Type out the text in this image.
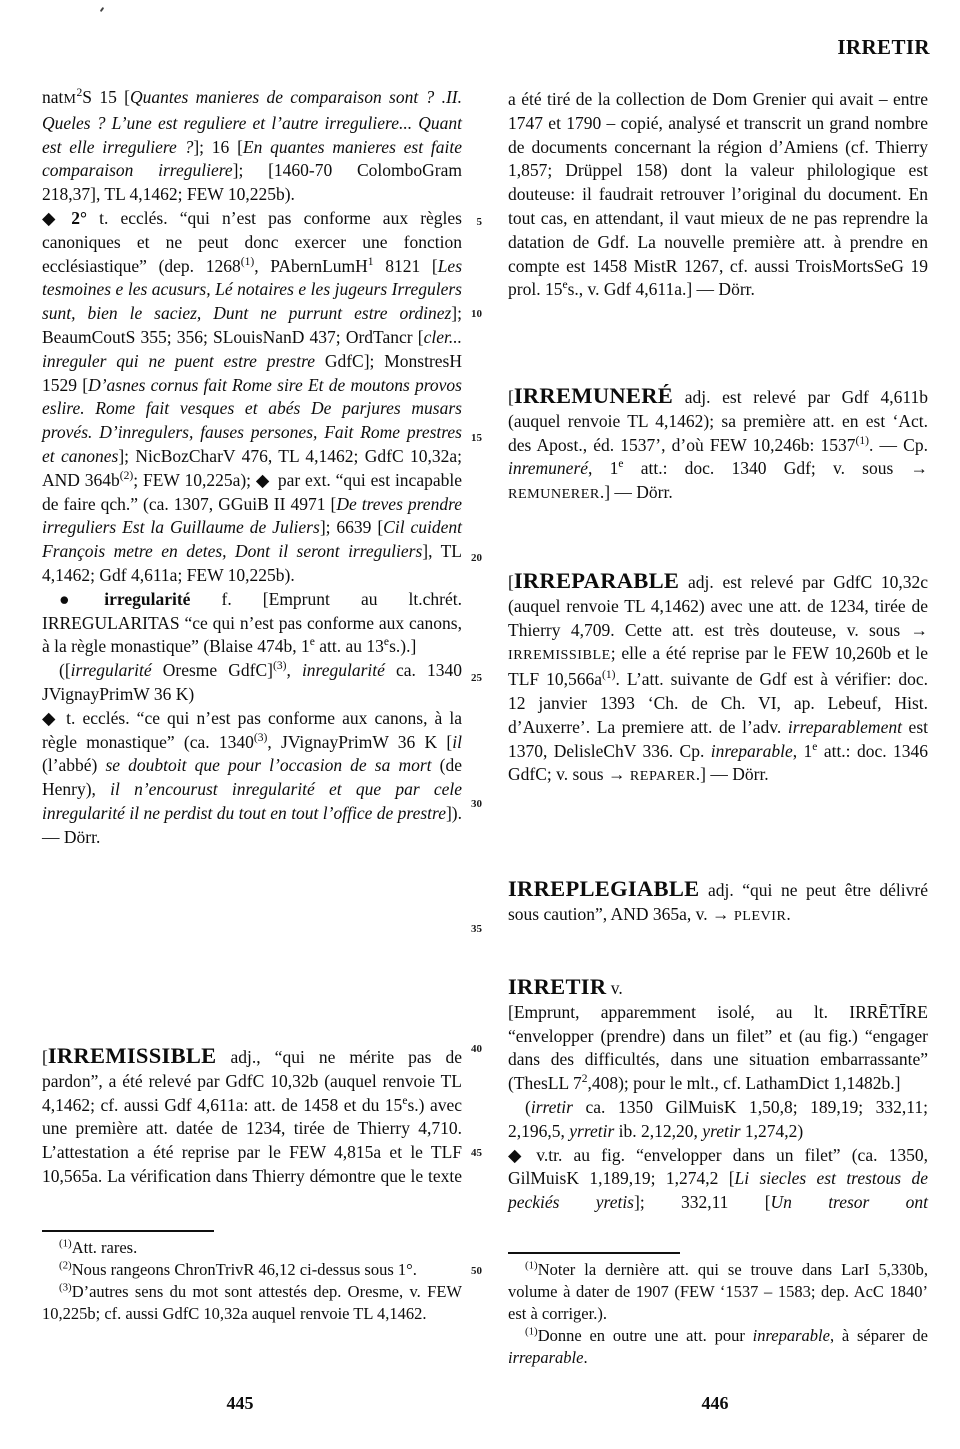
IRRETIR
5
10
15
20
25
30
35
40
45
50

natM$^2$S 15 [Quantes manieres de comparaison sont ? .II. Queles ? L’une est reguliere et l’autre irreguliere... Quant est elle irreguliere ?]; 16 [En quantes manieres est faite comparaison irreguliere]; [1460-70 ColomboGram 218,37], TL 4,1462; FEW 10,225b).

◆ 2° t. ecclés. “qui n’est pas conforme aux règles canoniques et ne peut donc exercer une fonction ecclésiastique” (dep. 1268$^{(1)}$, PAbernLumH$^1$ 8121 [Les tesmoines e les acusurs, Lé notaires e les jugeurs Irregulers sunt, bien le saciez, Dunt ne purrunt estre ordinez]; BeaumCoutS 355; 356; SLouisNanD 437; OrdTancr [cler... inreguler qui ne puent estre prestre GdfC]; MonstresH 1529 [D’asnes cornus fait Rome sire Et de moutons provos eslire. Rome fait vesques et abés De parjures musars provés. D’inregulers, fauses persones, Fait Rome prestres et canones]; NicBozCharV 476, TL 4,1462; GdfC 10,32a; AND $364b^{(2)}$; FEW 10,225a); ◆ par ext. “qui est incapable de faire qch.” (ca. 1307, GGuiB II 4971 [De treves prendre irreguliers Est la Guillaume de Juliers]; 6639 [Cil cuident François metre en detes, Dont il seront irreguliers], TL 4,1462; Gdf 4,611a; FEW 10,225b).

● irregularité f. [Emprunt au lt.chrét. IRREGULARITAS “ce qui n’est pas conforme aux canons, à la règle monastique” (Blaise 474b, 1e att. au 13es.).]

([irregularité Oresme GdfC]$^{(3)}$, inregularité ca. 1340 JVignayPrimW 36 K)

◆ t. ecclés. “ce qui n’est pas conforme aux canons, à la règle monastique” (ca. 1340$^{(3)}$, JVignayPrimW 36 K [il (l’abbé) se doubtoit que pour l’occasion de sa mort (de Henry), il n’encourust inregularité et que par cele inregularité il ne perdist du tout en tout l’office de prestre]). — Dörr.

[IRREMISSIBLE adj., “qui ne mérite pas de pardon”, a été relevé par GdfC 10,32b (auquel renvoie TL 4,1462; cf. aussi Gdf 4,611a: att. de 1458 et du 15es.) avec une première att. datée de 1234, tirée de Thierry 4,710. L’attestation a été reprise par le FEW 4,815a et le TLF 10,565a. La vérification dans Thierry démontre que le texte

$^{(1)}$Att. rares.

$^{(2)}$Nous rangeons ChronTrivR 46,12 ci-dessus sous 1°.

$^{(3)}$D’autres sens du mot sont attestés dep. Oresme, v. FEW 10,225b; cf. aussi GdfC 10,32a auquel renvoie TL 4,1462.

a été tiré de la collection de Dom Grenier qui avait – entre 1747 et 1790 – copié, analysé et transcrit un grand nombre de documents concernant la région d’Amiens (cf. Thierry 1,857; Drüppel 158) dont la valeur philologique est douteuse: il faudrait retrouver l’original du document. En tout cas, en attendant, il vaut mieux de ne pas reprendre la datation de Gdf. La nouvelle première att. à prendre en compte est 1458 MistR 1267, cf. aussi TroisMortsSeG 19 prol. 15es., v. Gdf 4,611a.] — Dörr.

[IRREMUNERÉ adj. est relevé par Gdf 4,611b (auquel renvoie TL 4,1462); sa première att. en est ‘Act. des Apost., éd. 1537’, d’où FEW 10,246b: 1537$^{(1)}$. — Cp. inremuneré, 1e att.: doc. 1340 Gdf; v. sous → REMUNERER.] — Dörr.

[IRREPARABLE adj. est relevé par GdfC 10,32c (auquel renvoie TL 4,1462) avec une att. de 1234, tirée de Thierry 4,709. Cette att. est très douteuse, v. sous → IRREMISSIBLE; elle a été reprise par le FEW 10,260b et le TLF $10,566a^{(1)}$. L’att. suivante de Gdf est à vérifier: doc. 12 janvier 1393 ‘Ch. de Ch. VI, ap. Lebeuf, Hist. d’Auxerre’. La premiere att. de l’adv. irreparablement est 1370, DelisleChV 336. Cp. inreparable, 1e att.: doc. 1346 GdfC; v. sous → REPARER.] — Dörr.

IRREPLEGIABLE adj. “qui ne peut être délivré sous caution”, AND 365a, v. → PLEVIR.

IRRETIR v.

[Emprunt, apparemment isolé, au lt. IRRĒTĪRE “envelopper (prendre) dans un filet” et (au fig.) “engager dans des difficultés, dans une situation embarrassante” (ThesLL $7^2,408$); pour le mlt., cf. LathamDict 1,1482b.]

(irretir ca. 1350 GilMuisK 1,50,8; 189,19; 332,11; 2,196,5, yrretir ib. 2,12,20, yretir 1,274,2)

◆ v.tr. au fig. “envelopper dans un filet” (ca. 1350, GilMuisK 1,189,19; 1,274,2 [Li siecles est trestous de peckiés yretis]; 332,11 [Un tresor ont

$^{(1)}$Noter la dernière att. qui se trouve dans LarI 5,330b, volume à dater de 1907 (FEW ‘1537 – 1583; dep. AcC 1840’ est à corriger.).

$^{(1)}$Donne en outre une att. pour inreparable, à séparer de irreparable.

445	446
